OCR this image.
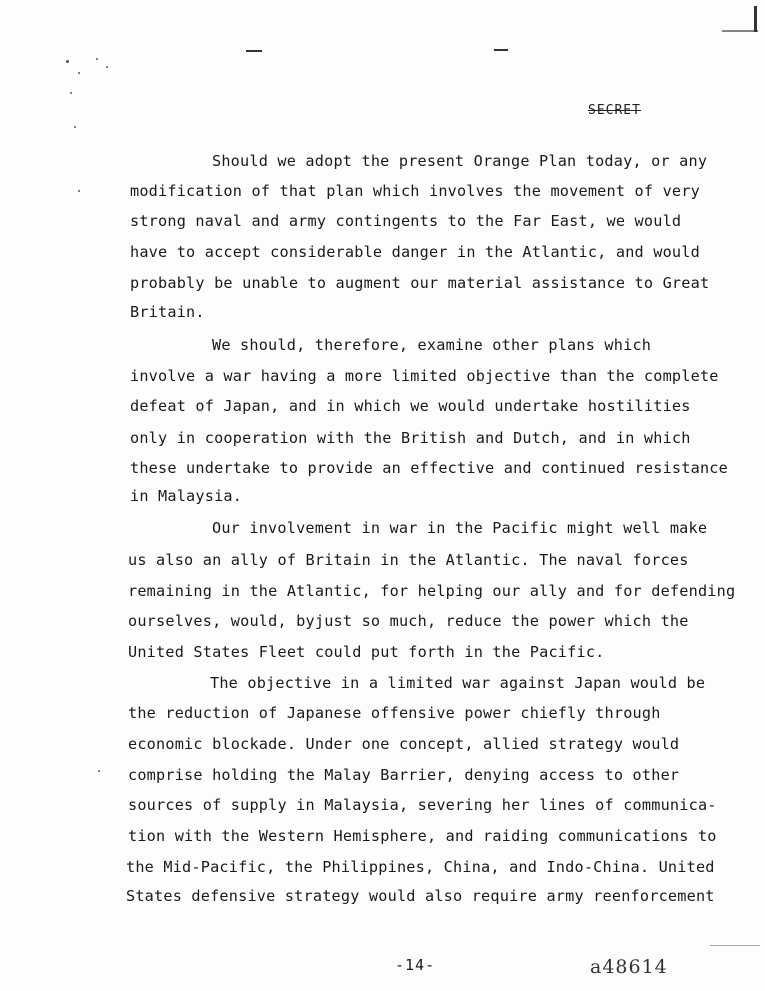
SECRET
Should we adopt the present Orange Plan today, or any
modification of that plan which involves the movement of very
strong naval and army contingents to the Far East, we would
have to accept considerable danger in the Atlantic, and would
probably be unable to augment our material assistance to Great
Britain.
We should, therefore, examine other plans which
involve a war having a more limited objective than the complete
defeat of Japan, and in which we would undertake hostilities
only in cooperation with the British and Dutch, and in which
these undertake to provide an effective and continued resistance
in Malaysia.
Our involvement in war in the Pacific might well make
us also an ally of Britain in the Atlantic. The naval forces
remaining in the Atlantic, for helping our ally and for defending
ourselves, would, byjust so much, reduce the power which the
United States Fleet could put forth in the Pacific.
The objective in a limited war against Japan would be
the reduction of Japanese offensive power chiefly through
economic blockade. Under one concept, allied strategy would
comprise holding the Malay Barrier, denying access to other
sources of supply in Malaysia, severing her lines of communica-
tion with the Western Hemisphere, and raiding communications to
the Mid-Pacific, the Philippines, China, and Indo-China. United
States defensive strategy would also require army reenforcement
-14-	a48614
